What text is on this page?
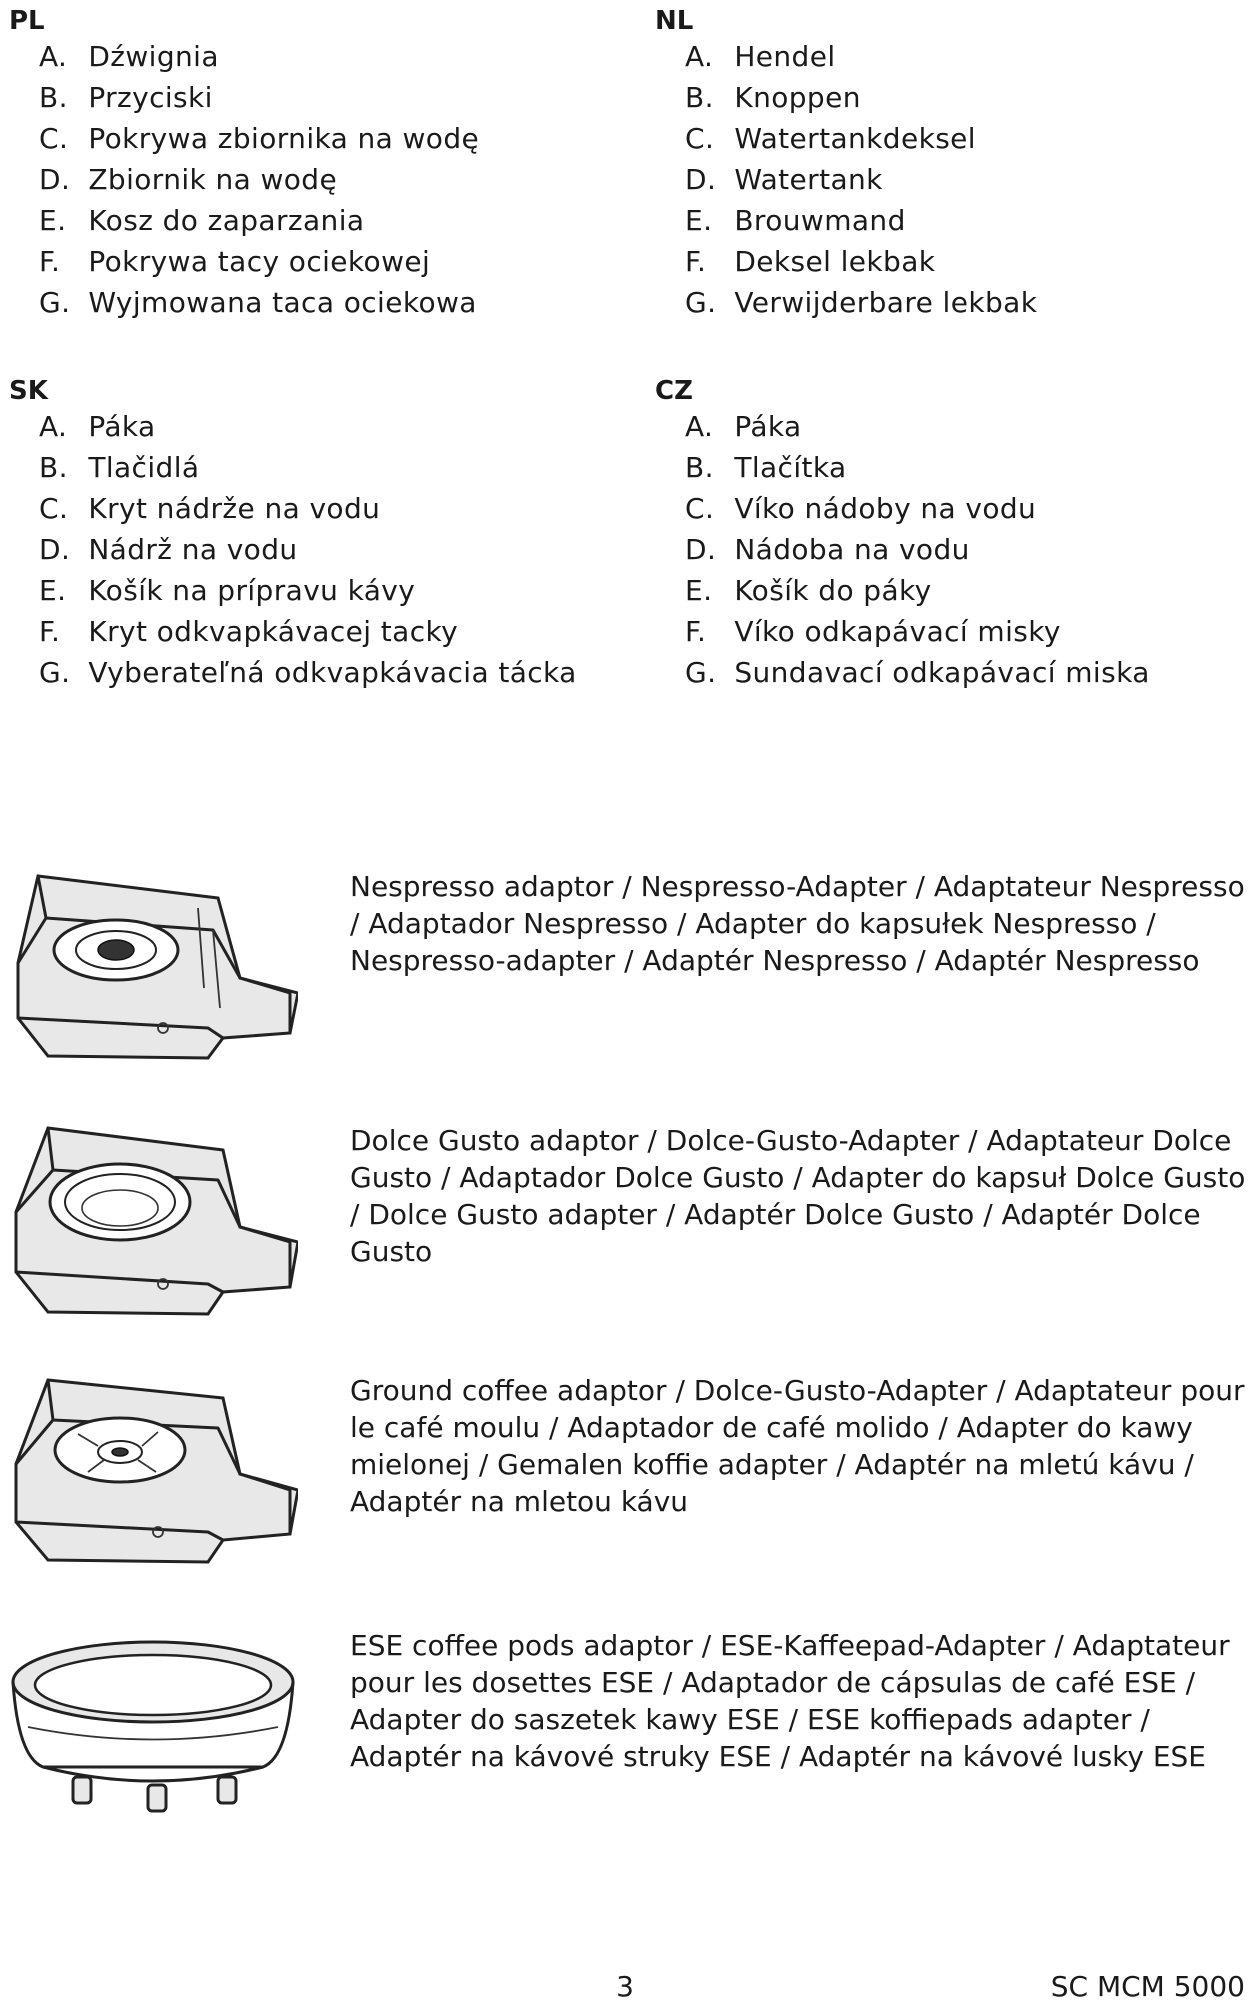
PL
A. Dźwignia
B. Przyciski
C. Pokrywa zbiornika na wodę
D. Zbiornik na wodę
E. Kosz do zaparzania
F. Pokrywa tacy ociekowej
G. Wyjmowana taca ociekowa
NL
A. Hendel
B. Knoppen
C. Watertankdeksel
D. Watertank
E. Brouwmand
F. Deksel lekbak
G. Verwijderbare lekbak
SK
A. Páka
B. Tlačidlá
C. Kryt nádrže na vodu
D. Nádrž na vodu
E. Košík na prípravu kávy
F. Kryt odkvapkávacej tacky
G. Vyberateľná odkvapkávacia tácka
CZ
A. Páka
B. Tlačítka
C. Víko nádoby na vodu
D. Nádoba na vodu
E. Košík do páky
F. Víko odkapávací misky
G. Sundavací odkapávací miska

Nespresso adaptor / Nespresso-Adapter / Adaptateur Nespresso / Adaptador Nespresso / Adapter do kapsułek Nespresso / Nespresso-adapter / Adaptér Nespresso / Adaptér Nespresso

Dolce Gusto adaptor / Dolce-Gusto-Adapter / Adaptateur Dolce Gusto / Adaptador Dolce Gusto / Adapter do kapsuł Dolce Gusto / Dolce Gusto adapter / Adaptér Dolce Gusto / Adaptér Dolce Gusto

Ground coffee adaptor / Dolce-Gusto-Adapter / Adaptateur pour le café moulu / Adaptador de café molido / Adapter do kawy mielonej / Gemalen koffie adapter / Adaptér na mletú kávu / Adaptér na mletou kávu

ESE coffee pods adaptor / ESE-Kaffeepad-Adapter / Adaptateur pour les dosettes ESE / Adaptador de cápsulas de café ESE / Adapter do saszetek kawy ESE / ESE koffiepads adapter / Adaptér na kávové struky ESE / Adaptér na kávové lusky ESE

3	SC MCM 5000
